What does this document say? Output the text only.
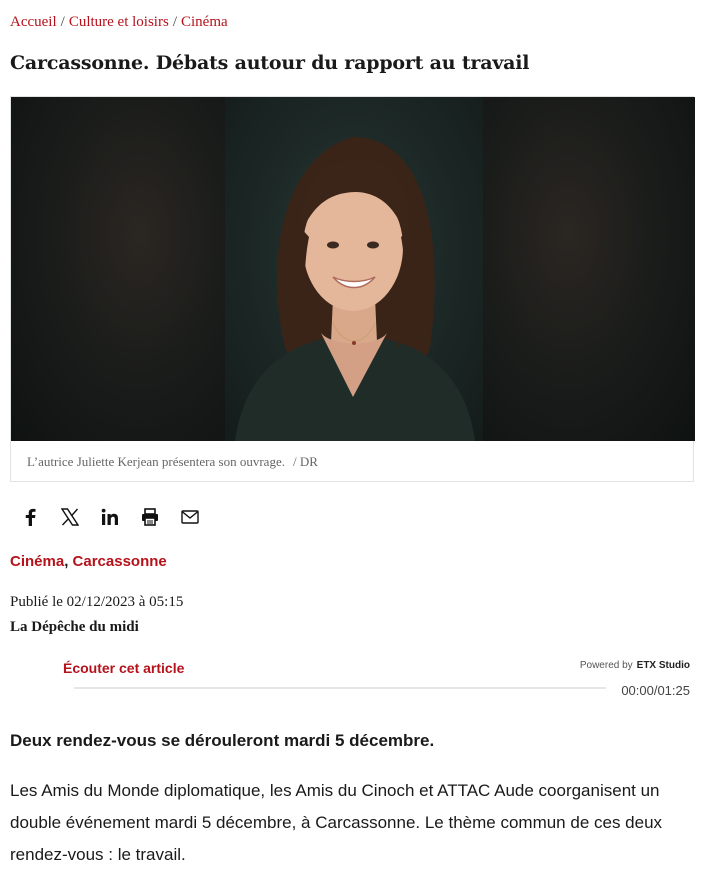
Accueil / Culture et loisirs / Cinéma
Carcassonne. Débats autour du rapport au travail
L’autrice Juliette Kerjean présentera son ouvrage. / DR
Cinéma, Carcassonne
Publié le 02/12/2023 à 05:15
La Dépêche du midi
Écouter cet article	Powered by ETX Studio
00:00/01:25

Deux rendez-vous se dérouleront mardi 5 décembre.

Les Amis du Monde diplomatique, les Amis du Cinoch et ATTAC Aude coorganisent un double événement mardi 5 décembre, à Carcassonne. Le thème commun de ces deux rendez-vous : le travail.
